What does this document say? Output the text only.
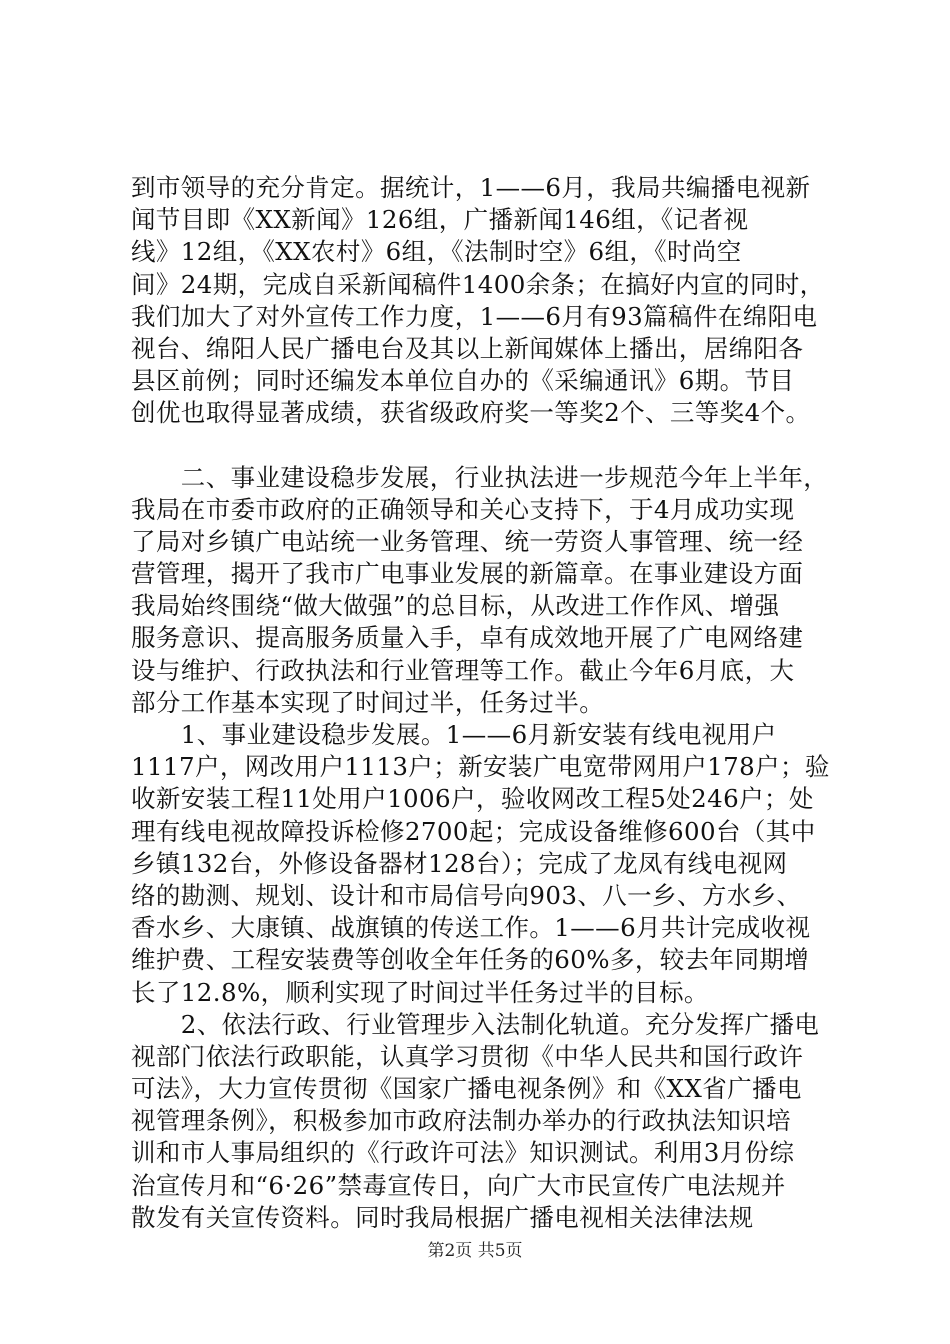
到市领导的充分肯定。据统计，1——6月，我局共编播电视新
闻节目即《XX新闻》126组，广播新闻146组，《记者视
线》12组，《XX农村》6组，《法制时空》6组，《时尚空
间》24期，完成自采新闻稿件1400余条；在搞好内宣的同时，
我们加大了对外宣传工作力度，1——6月有93篇稿件在绵阳电
视台、绵阳人民广播电台及其以上新闻媒体上播出，居绵阳各
县区前例；同时还编发本单位自办的《采编通讯》6期。节目
创优也取得显著成绩，获省级政府奖一等奖2个、三等奖4个。
　　二、事业建设稳步发展，行业执法进一步规范今年上半年，
我局在市委市政府的正确领导和关心支持下，于4月成功实现
了局对乡镇广电站统一业务管理、统一劳资人事管理、统一经
营管理，揭开了我市广电事业发展的新篇章。在事业建设方面
我局始终围绕“做大做强”的总目标，从改进工作作风、增强
服务意识、提高服务质量入手，卓有成效地开展了广电网络建
设与维护、行政执法和行业管理等工作。截止今年6月底，大
部分工作基本实现了时间过半，任务过半。
　　1、事业建设稳步发展。1——6月新安装有线电视用户
1117户，网改用户1113户；新安装广电宽带网用户178户；验
收新安装工程11处用户1006户，验收网改工程5处246户；处
理有线电视故障投诉检修2700起；完成设备维修600台（其中
乡镇132台，外修设备器材128台）；完成了龙凤有线电视网
络的勘测、规划、设计和市局信号向903、八一乡、方水乡、
香水乡、大康镇、战旗镇的传送工作。1——6月共计完成收视
维护费、工程安装费等创收全年任务的60%多，较去年同期增
长了12.8%，顺利实现了时间过半任务过半的目标。
　　2、依法行政、行业管理步入法制化轨道。充分发挥广播电
视部门依法行政职能，认真学习贯彻《中华人民共和国行政许
可法》，大力宣传贯彻《国家广播电视条例》和《XX省广播电
视管理条例》，积极参加市政府法制办举办的行政执法知识培
训和市人事局组织的《行政许可法》知识测试。利用3月份综
治宣传月和“6·26”禁毒宣传日，向广大市民宣传广电法规并
散发有关宣传资料。同时我局根据广播电视相关法律法规
第2页 共5页
